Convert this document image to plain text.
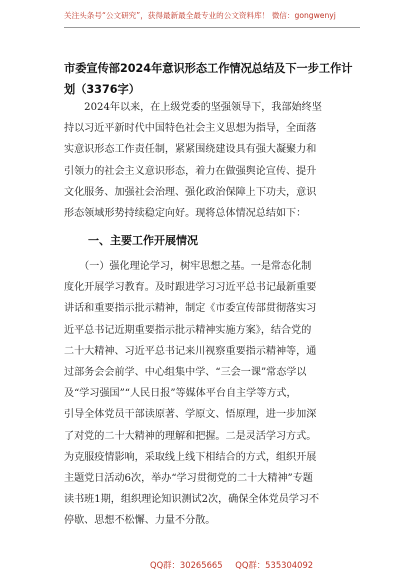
关注头条号“公文研究”，获得最新最全最专业的公文资料库！ 微信：gongwenyj
市委宣传部2024年意识形态工作情况总结及下一步工作计
划（3376字）
　　2024年以来，在上级党委的坚强领导下，我部始终坚
持以习近平新时代中国特色社会主义思想为指导，全面落
实意识形态工作责任制，紧紧围绕建设具有强大凝聚力和
引领力的社会主义意识形态，着力在做强舆论宣传、提升
文化服务、加强社会治理、强化政治保障上下功夫，意识
形态领域形势持续稳定向好。现将总体情况总结如下：
一、主要工作开展情况
　　（一）强化理论学习，树牢思想之基。一是常态化制
度化开展学习教育。及时跟进学习习近平总书记最新重要
讲话和重要指示批示精神，制定《市委宣传部贯彻落实习
近平总书记近期重要指示批示精神实施方案》，结合党的
二十大精神、习近平总书记来川视察重要指示精神等，通
过部务会会前学、中心组集中学、“三会一课”常态学以
及“学习强国”“人民日报”等媒体平台自主学等方式，
引导全体党员干部读原著、学原文、悟原理，进一步加深
了对党的二十大精神的理解和把握。二是灵活学习方式。
为克服疫情影响，采取线上线下相结合的方式，组织开展
主题党日活动6次，举办“学习贯彻党的二十大精神”专题
读书班1期，组织理论知识测试2次，确保全体党员学习不
停歇、思想不松懈、力量不分散。
QQ群：30265665 QQ群：535304092
